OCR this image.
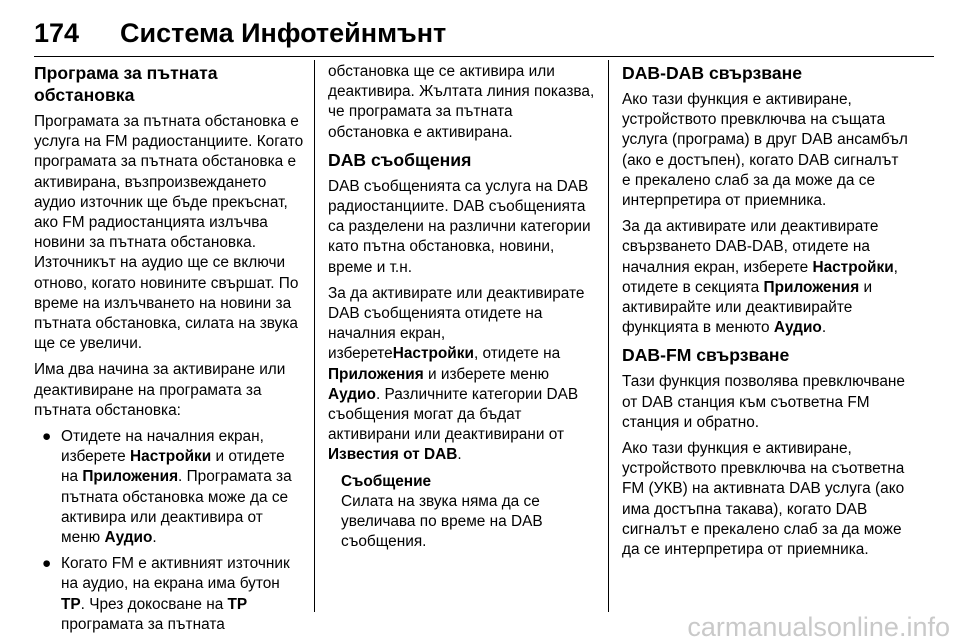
174 Система Инфотейнмънт
Програма за пътната обстановка

Програмата за пътната обстановка е услуга на FM радиостанциите. Когато програмата за пътната обстановка е активирана, възпроизвеждането аудио източник ще бъде прекъснат, ако FM радиостанцията излъчва новини за пътната обстановка. Източникът на аудио ще се включи отново, когато новините свършат. По време на излъчването на новини за пътната обстановка, силата на звука ще се увеличи.

Има два начина за активиране или деактивиране на програмата за пътната обстановка:

● Отидете на началния екран, изберете Настройки и отидете на Приложения. Програмата за пътната обстановка може да се активира или деактивира от меню Аудио.
● Когато FM е активният източник на аудио, на екрана има бутон TP. Чрез докосване на TP програмата за пътната

обстановка ще се активира или деактивира. Жълтата линия показва, че програмата за пътната обстановка е активирана.

DAB съобщения

DAB съобщенията са услуга на DAB радиостанциите. DAB съобщенията са разделени на различни категории като пътна обстановка, новини, време и т.н.

За да активирате или деактивирате DAB съобщенията отидете на началния екран, изберетеНастройки, отидете на Приложения и изберете меню Аудио. Различните категории DAB съобщения могат да бъдат активирани или деактивирани от Известия от DAB.

Съобщение
Силата на звука няма да се увеличава по време на DAB съобщения.
DAB-DAB свързване

Ако тази функция е активиране, устройството превключва на същата услуга (програма) в друг DAB ансамбъл (ако е достъпен), когато DAB сигналът е прекалено слаб за да може да се интерпретира от приемника.

За да активирате или деактивирате свързването DAB-DAB, отидете на началния екран, изберете Настройки, отидете в секцията Приложения и активирайте или деактивирайте функцията в менюто Аудио.

DAB-FM свързване

Тази функция позволява превключване от DAB станция към съответна FM станция и обратно.

Ако тази функция е активиране, устройството превключва на съответна FM (УКВ) на активната DAB услуга (ако има достъпна такава), когато DAB сигналът е прекалено слаб за да може да се интерпретира от приемника.

carmanualsonline.info
